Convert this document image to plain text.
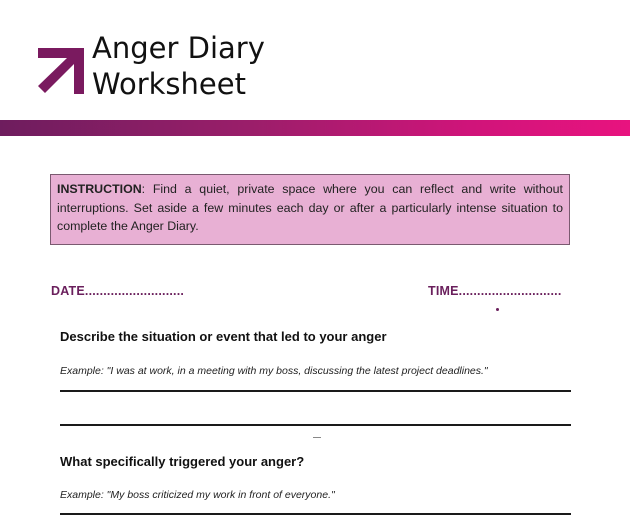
Anger Diary
Worksheet
INSTRUCTION: Find a quiet, private space where you can reflect and write without interruptions. Set aside a few minutes each day or after a particularly intense situation to complete the Anger Diary.
DATE...........................	TIME............................
Describe the situation or event that led to your anger
Example: "I was at work, in a meeting with my boss, discussing the latest project deadlines."
What specifically triggered your anger?
Example: "My boss criticized my work in front of everyone."
